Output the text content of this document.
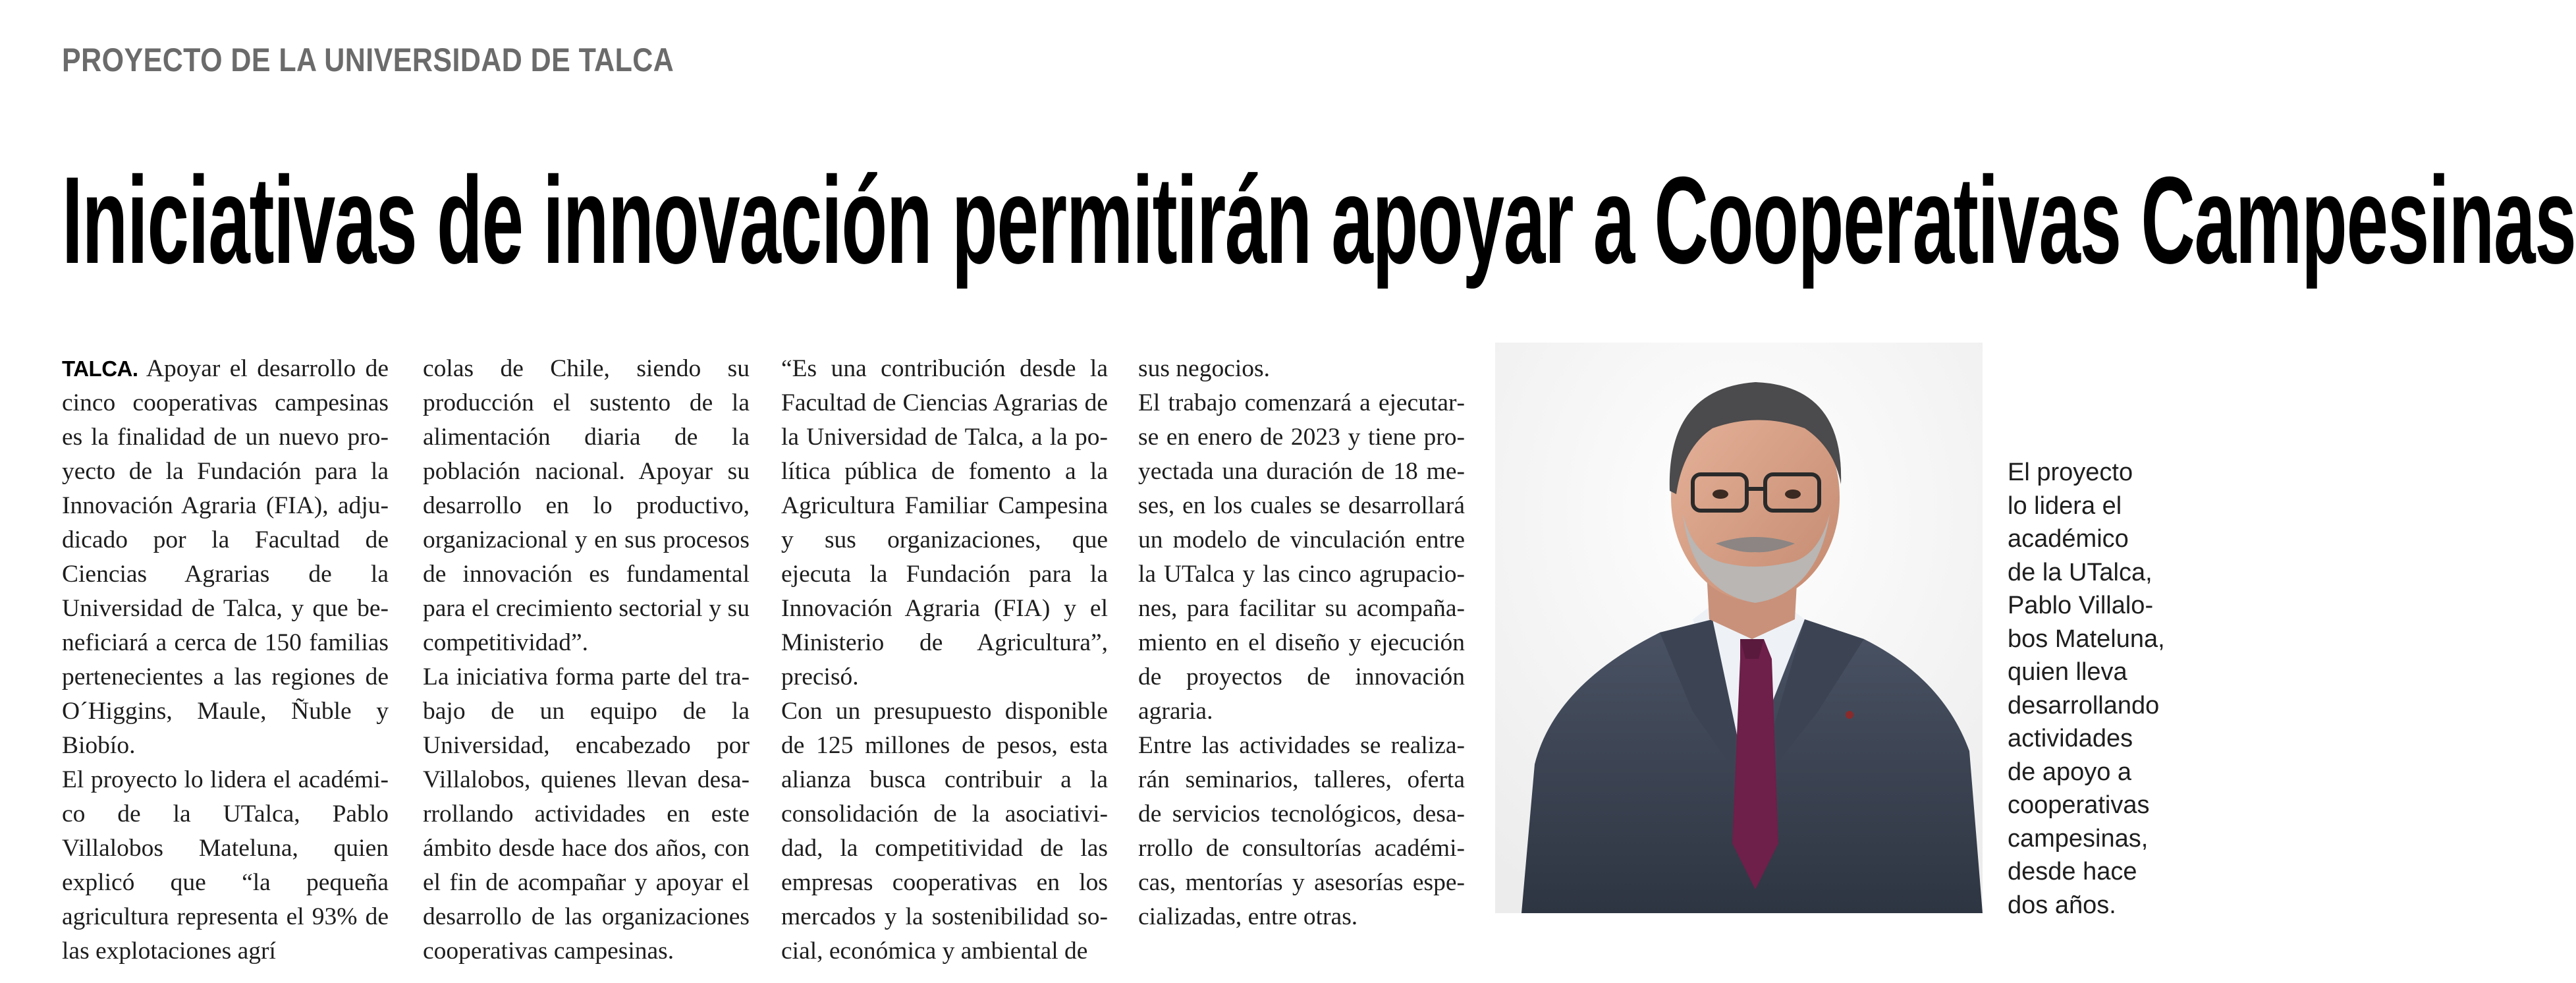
PROYECTO DE LA UNIVERSIDAD DE TALCA
Iniciativas de innovación permitirán apoyar a Cooperativas Campesinas

TALCA. Apoyar el desarrollo de cinco cooperativas campesinas es la finalidad de un nuevo proyecto de la Fundación para la Innovación Agraria (FIA), adjudicado por la Facultad de Ciencias Agrarias de la Universidad de Talca, y que beneficiará a cerca de 150 familias pertenecientes a las regiones de O´Higgins, Maule, Ñuble y Biobío.

El proyecto lo lidera el académico de la UTalca, Pablo Villalobos Mateluna, quien explicó que “la pequeña agricultura representa el 93% de las explotaciones agrí

colas de Chile, siendo su producción el sustento de la alimentación diaria de la población nacional. Apoyar su desarrollo en lo productivo, organizacional y en sus procesos de innovación es fundamental para el crecimiento sectorial y su competitividad”.

La iniciativa forma parte del trabajo de un equipo de la Universidad, encabezado por Villalobos, quienes llevan desarrollando actividades en este ámbito desde hace dos años, con el fin de acompañar y apoyar el desarrollo de las organizaciones cooperativas campesinas.

“Es una contribución desde la Facultad de Ciencias Agrarias de la Universidad de Talca, a la política pública de fomento a la Agricultura Familiar Campesina y sus organizaciones, que ejecuta la Fundación para la Innovación Agraria (FIA) y el Ministerio de Agricultura”, precisó.

Con un presupuesto disponible de 125 millones de pesos, esta alianza busca contribuir a la consolidación de la asociatividad, la competitividad de las empresas cooperativas en los mercados y la sostenibilidad social, económica y ambiental de

sus negocios.

El trabajo comenzará a ejecutarse en enero de 2023 y tiene proyectada una duración de 18 meses, en los cuales se desarrollará un modelo de vinculación entre la UTalca y las cinco agrupaciones, para facilitar su acompañamiento en el diseño y ejecución de proyectos de innovación agraria.

Entre las actividades se realizarán seminarios, talleres, oferta de servicios tecnológicos, desarrollo de consultorías académicas, mentorías y asesorías especializadas, entre otras.

El proyecto
lo lidera el
académico
de la UTalca,
Pablo Villalo-
bos Mateluna,
quien lleva
desarrollando
actividades
de apoyo a
cooperativas
campesinas,
desde hace
dos años.
